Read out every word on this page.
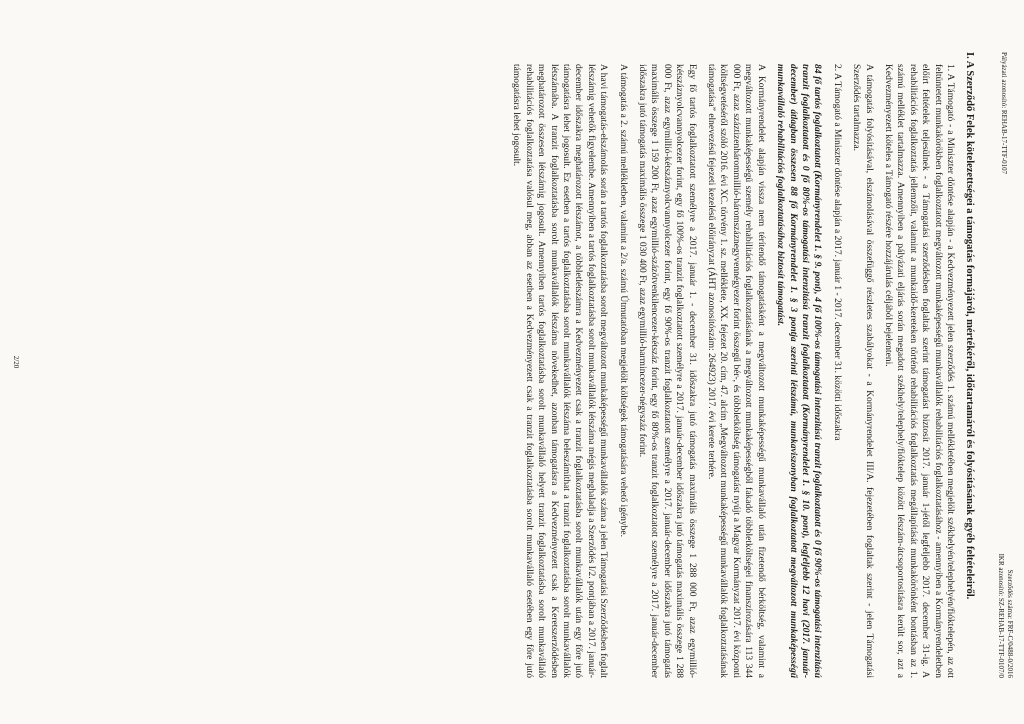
Pályázati azonosító: REHAB-17-TTF-0107
Szerződés száma: FRF-C/0488-0/2016
IKR azonosító: SZ-REHAB-17-TTF-0107/0
I. A Szerződő Felek kötelezettségei a támogatás formájáról, mértékéről, időtartamáról és folyósításának egyéb feltételeiről.

1. A Támogató - a Miniszter döntése alapján - a Kedvezményezett jelen szerződés 1. számú mellékletében megjelölt székhelyén/telephelyén/fióktelepén, az ott feltüntetett munkakörökben foglalkoztatott megváltozott munkaképességű munkavállalók rehabilitációs foglalkoztatásához - amennyiben a Kormányrendeletben előírt feltételek teljesülnek - a Támogatási szerződésben foglaltak szerint támogatást biztosít 2017. január 1-jétől legfeljebb 2017. december 31-ig. A rehabilitációs foglalkoztatás jellemzőit, valamint a munkaidő-kereteken történő rehabilitációs foglalkoztatás megállapítását munkakörönként bontásban az 1. számú melléklet tartalmazza. Amennyiben a pályázati eljárás során megadott székhely/telephely/fióktelep között létszám-átcsoportosításra került sor, azt a Kedvezményezett köteles a Támogató részére hozzájárulás céljából bejelenteni.

A támogatás folyósításával, elszámolásával összefüggő részletes szabályokat - a Kormányrendelet III/A. fejezetében foglaltak szerint - jelen Támogatási Szerződés tartalmazza.

2. A Támogató a Miniszter döntése alapján a 2017. január 1 - 2017. december 31. közötti időszakra

84 fő tartós foglalkoztatott (Kormányrendelet 1. § 9. pont), 4 fő 100%-os támogatási intenzitású tranzit foglalkoztatott és 0 fő 90%-os támogatási intenzitású tranzit foglalkoztatott és 0 fő 80%-os támogatási intenzitású tranzit foglalkoztatott (Kormányrendelet 1. § 10. pont), legfeljebb 12 havi (2017. január-december) átlagban összesen 88 fő Kormányrendelet 1. § 3 pontja szerinti létszámú, munkaviszonyban foglalkoztatott megváltozott munkaképességű munkavállaló rehabilitációs foglalkoztatásához biztosít támogatást.

A Kormányrendelet alapján vissza nem térítendő támogatásként a megváltozott munkaképességű munkavállaló után fizetendő bérköltség, valamint a megváltozott munkaképességű személy rehabilitációs foglalkoztatásának a megváltozott munkaképességből fakadó többletköltségei finanszírozására 113 344 000 Ft, azaz száztizenhárommillió-háromszáznegyvennégyezer forint összegű bér-, és többletköltség támogatást nyújt a Magyar Kormányzat 2017. évi központi költségvetéséről szóló 2016. évi XC. törvény 1. sz. melléklete, XX. fejezet 20. cím, 47. alcím „Megváltozott munkaképességű munkavállalók foglalkoztatásának támogatása” elnevezésű fejezeti kezelésű előirányzat (ÁHT azonosítószám: 264923) 2017. évi kerete terhére.

Egy fő tartós foglalkoztatott személyre a 2017. január 1. - december 31. időszakra jutó támogatás maximális összege 1 288 000 Ft, azaz egymillió-kétszáznyolcvannyolcezer forint, egy fő 100%-os tranzit foglalkoztatott személyre a 2017. január-december időszakra jutó támogatás maximális összege 1 288 000 Ft, azaz egymillió-kétszáznyolcvannyolcezer forint, egy fő 90%-os tranzit foglalkoztatott személyre a 2017. január-december időszakra jutó támogatás maximális összege 1 159 200 Ft, azaz egymillió-százötvenkilencezer-kétszáz forint, egy fő 80%-os tranzit foglalkoztatott személyre a 2017. január-december időszakra jutó támogatás maximális összege 1 030 400 Ft, azaz egymillió-harmincezer-négyszáz forint.

A támogatás a 2. számú mellékletben, valamint a 2/a. számú Útmutatóban megjelölt költségek támogatására vehető igénybe.

A havi támogatás-elszámolás során a tartós foglalkoztatásba sorolt megváltozott munkaképességű munkavállalók száma a jelen Támogatási Szerződésben foglalt létszámig vehetők figyelembe. Amennyiben a tartós foglalkoztatásba sorolt munkavállalók létszáma mégis meghaladja a Szerződés I/2. pontjában a 2017. január-december időszakra meghatározott létszámot, a többletlétszámra a Kedvezményezett csak a tranzit foglalkoztatásba sorolt munkavállalók után egy főre jutó támogatásra lehet jogosult. Ez esetben a tartós foglalkoztatásba sorolt munkavállalók létszáma beleszámíthat a tranzit foglalkoztatásba sorolt munkavállalók létszámába. A tranzit foglalkoztatásba sorolt munkavállalók létszáma növekedhet, azonban támogatásra a Kedvezményezett csak a Keretszerződésben meghatározott összesen létszámig jogosult. Amennyiben tartós foglalkoztatásba sorolt munkavállaló helyett tranzit foglalkoztatásba sorolt munkavállaló rehabilitációs foglalkoztatása valósul meg, abban az esetben a Kedvezményezett csak a tranzit foglalkoztatásba sorolt munkavállaló esetében egy főre jutó támogatásra lehet jogosult.

2/20
